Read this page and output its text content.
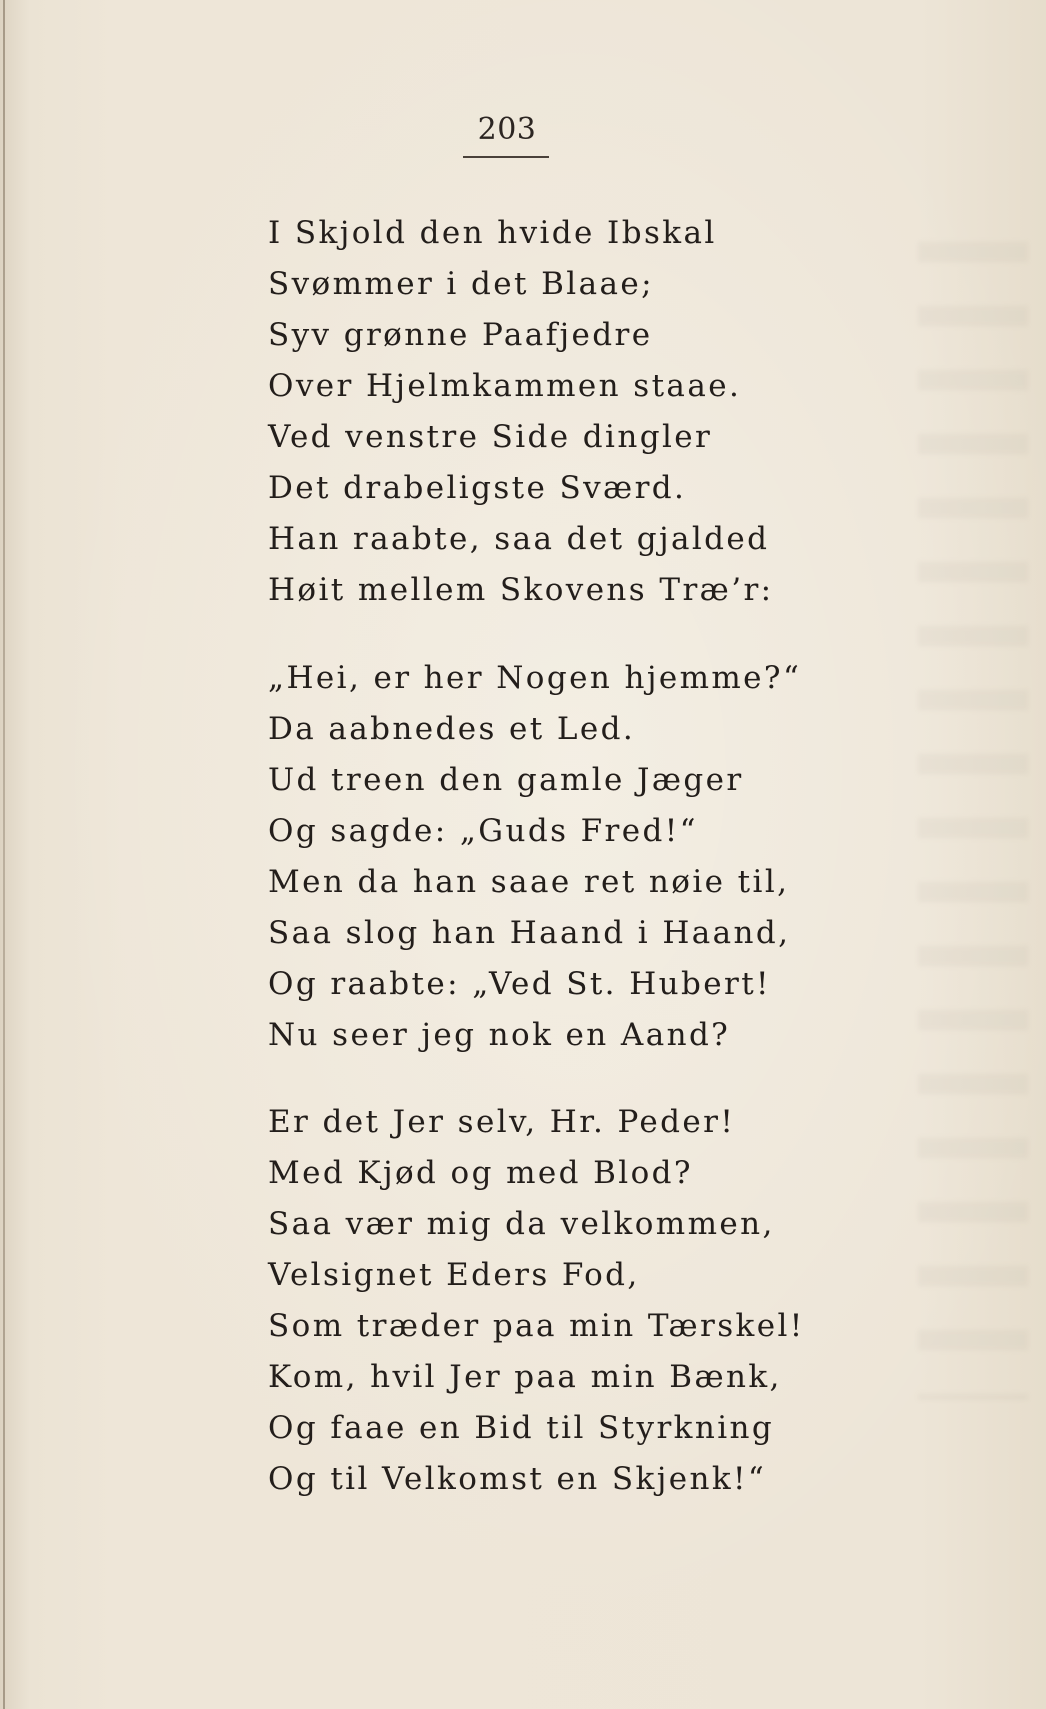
203
I Skjold den hvide Ibskal
Svømmer i det Blaae;
Syv grønne Paafjedre
Over Hjelmkammen staae.
Ved venstre Side dingler
Det drabeligste Sværd.
Han raabte, saa det gjalded
Høit mellem Skovens Træ’r:
„Hei, er her Nogen hjemme?“
Da aabnedes et Led.
Ud treen den gamle Jæger
Og sagde: „Guds Fred!“
Men da han saae ret nøie til,
Saa slog han Haand i Haand,
Og raabte: „Ved St. Hubert!
Nu seer jeg nok en Aand?
Er det Jer selv, Hr. Peder!
Med Kjød og med Blod?
Saa vær mig da velkommen,
Velsignet Eders Fod,
Som træder paa min Tærskel!
Kom, hvil Jer paa min Bænk,
Og faae en Bid til Styrkning
Og til Velkomst en Skjenk!“
